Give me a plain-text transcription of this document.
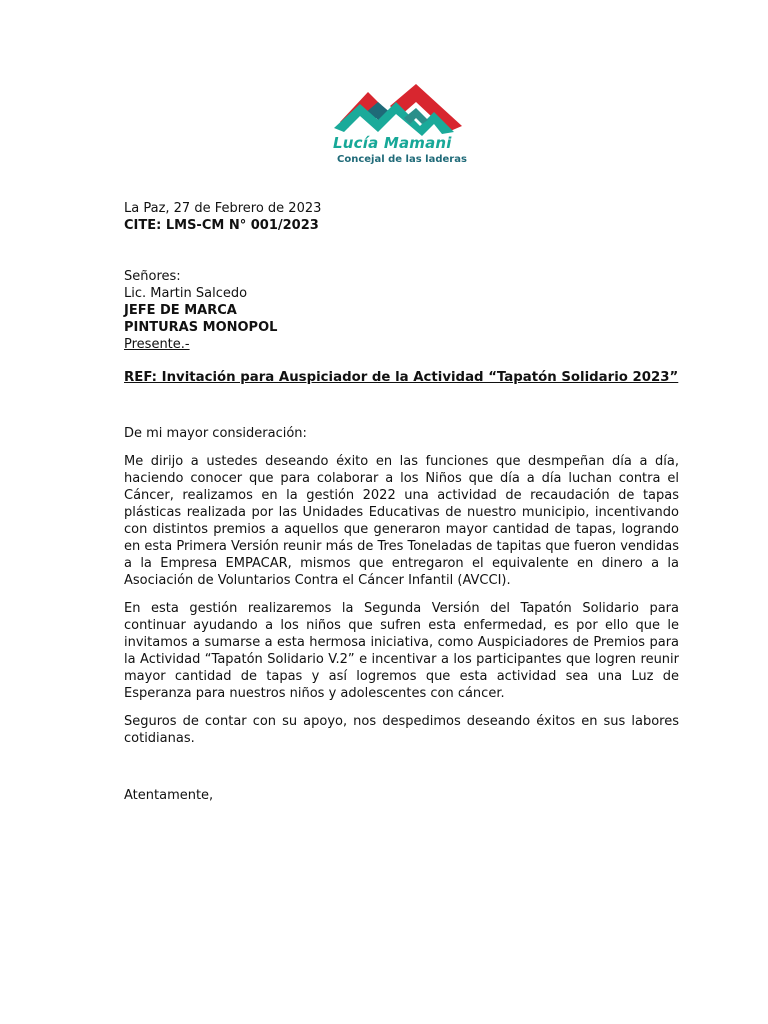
Lucía Mamani
Concejal de las laderas
La Paz, 27 de Febrero de 2023
CITE: LMS-CM N° 001/2023
Señores:
Lic. Martin Salcedo
JEFE DE MARCA
PINTURAS MONOPOL
Presente.-
REF: Invitación para Auspiciador de la Actividad “Tapatón Solidario 2023”
De mi mayor consideración:

Me dirijo a ustedes deseando éxito en las funciones que desmpeñan día a día, haciendo conocer que para colaborar a los Niños que día a día luchan contra el Cáncer, realizamos en la gestión 2022 una actividad de recaudación de tapas plásticas realizada por las Unidades Educativas de nuestro municipio, incentivando con distintos premios a aquellos que generaron mayor cantidad de tapas, logrando en esta Primera Versión reunir más de Tres Toneladas de tapitas que fueron vendidas a la Empresa EMPACAR, mismos que entregaron el equivalente en dinero a la Asociación de Voluntarios Contra el Cáncer Infantil (AVCCI).

En esta gestión realizaremos la Segunda Versión del Tapatón Solidario para continuar ayudando a los niños que sufren esta enfermedad, es por ello que le invitamos a sumarse a esta hermosa iniciativa, como Auspiciadores de Premios para la Actividad “Tapatón Solidario V.2” e incentivar a los participantes que logren reunir mayor cantidad de tapas y así logremos que esta actividad sea una Luz de Esperanza para nuestros niños y adolescentes con cáncer.

Seguros de contar con su apoyo, nos despedimos deseando éxitos en sus labores cotidianas.

Atentamente,
